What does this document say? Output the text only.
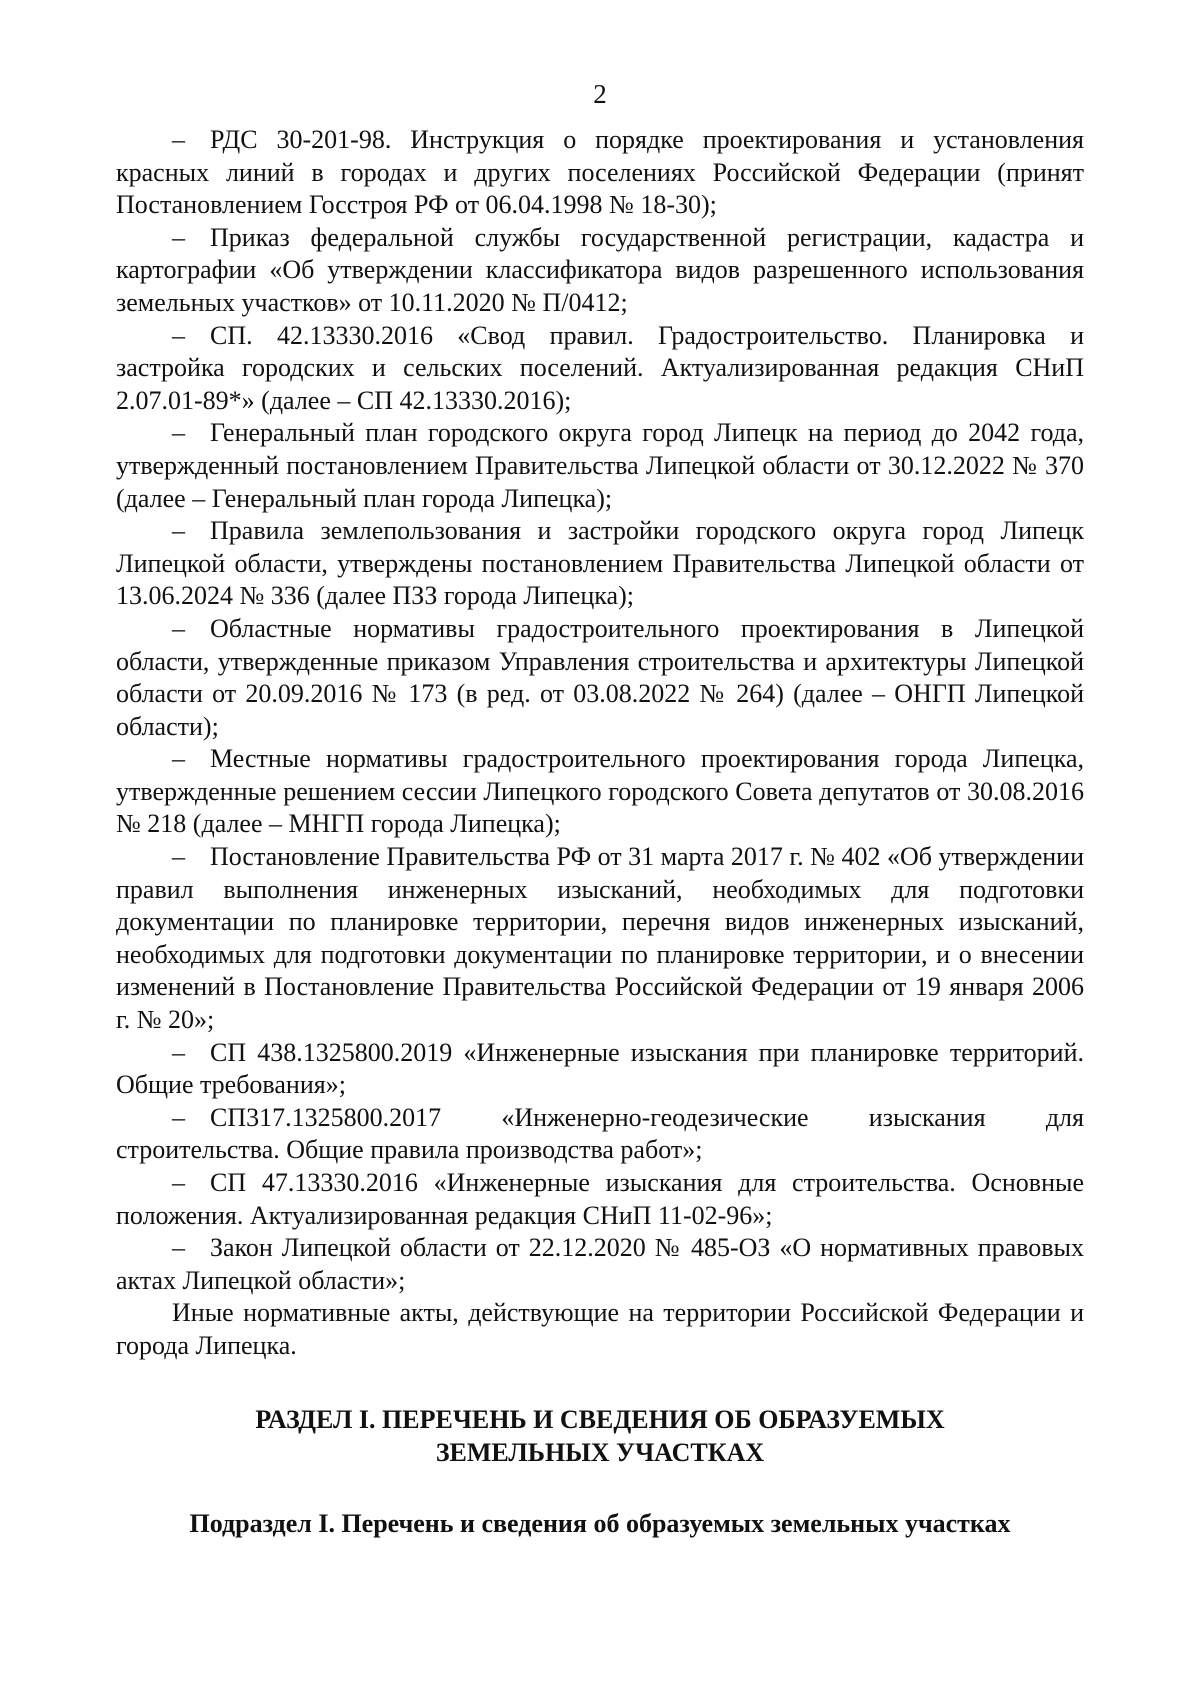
2

– РДС 30-201-98. Инструкция о порядке проектирования и установления красных линий в городах и других поселениях Российской Федерации (принят Постановлением Госстроя РФ от 06.04.1998 № 18-30);

– Приказ федеральной службы государственной регистрации, кадастра и картографии «Об утверждении классификатора видов разрешенного использования земельных участков» от 10.11.2020 № П/0412;

– СП. 42.13330.2016 «Свод правил. Градостроительство. Планировка и застройка городских и сельских поселений. Актуализированная редакция СНиП 2.07.01-89*» (далее – СП 42.13330.2016);

– Генеральный план городского округа город Липецк на период до 2042 года, утвержденный постановлением Правительства Липецкой области от 30.12.2022 № 370 (далее – Генеральный план города Липецка);

– Правила землепользования и застройки городского округа город Липецк Липецкой области, утверждены постановлением Правительства Липецкой области от 13.06.2024 № 336 (далее ПЗЗ города Липецка);

– Областные нормативы градостроительного проектирования в Липецкой области, утвержденные приказом Управления строительства и архитектуры Липецкой области от 20.09.2016 № 173 (в ред. от 03.08.2022 № 264) (далее – ОНГП Липецкой области);

– Местные нормативы градостроительного проектирования города Липецка, утвержденные решением сессии Липецкого городского Совета депутатов от 30.08.2016 № 218 (далее – МНГП города Липецка);

– Постановление Правительства РФ от 31 марта 2017 г. № 402 «Об утверждении правил выполнения инженерных изысканий, необходимых для подготовки документации по планировке территории, перечня видов инженерных изысканий, необходимых для подготовки документации по планировке территории, и о внесении изменений в Постановление Правительства Российской Федерации от 19 января 2006 г. № 20»;

– СП 438.1325800.2019 «Инженерные изыскания при планировке территорий. Общие требования»;

– СП317.1325800.2017 «Инженерно-геодезические изыскания для строительства. Общие правила производства работ»;

– СП 47.13330.2016 «Инженерные изыскания для строительства. Основные положения. Актуализированная редакция СНиП 11-02-96»;

– Закон Липецкой области от 22.12.2020 № 485-ОЗ «О нормативных правовых актах Липецкой области»;

Иные нормативные акты, действующие на территории Российской Федерации и города Липецка.

РАЗДЕЛ I. ПЕРЕЧЕНЬ И СВЕДЕНИЯ ОБ ОБРАЗУЕМЫХ
ЗЕМЕЛЬНЫХ УЧАСТКАХ
Подраздел I. Перечень и сведения об образуемых земельных участках
